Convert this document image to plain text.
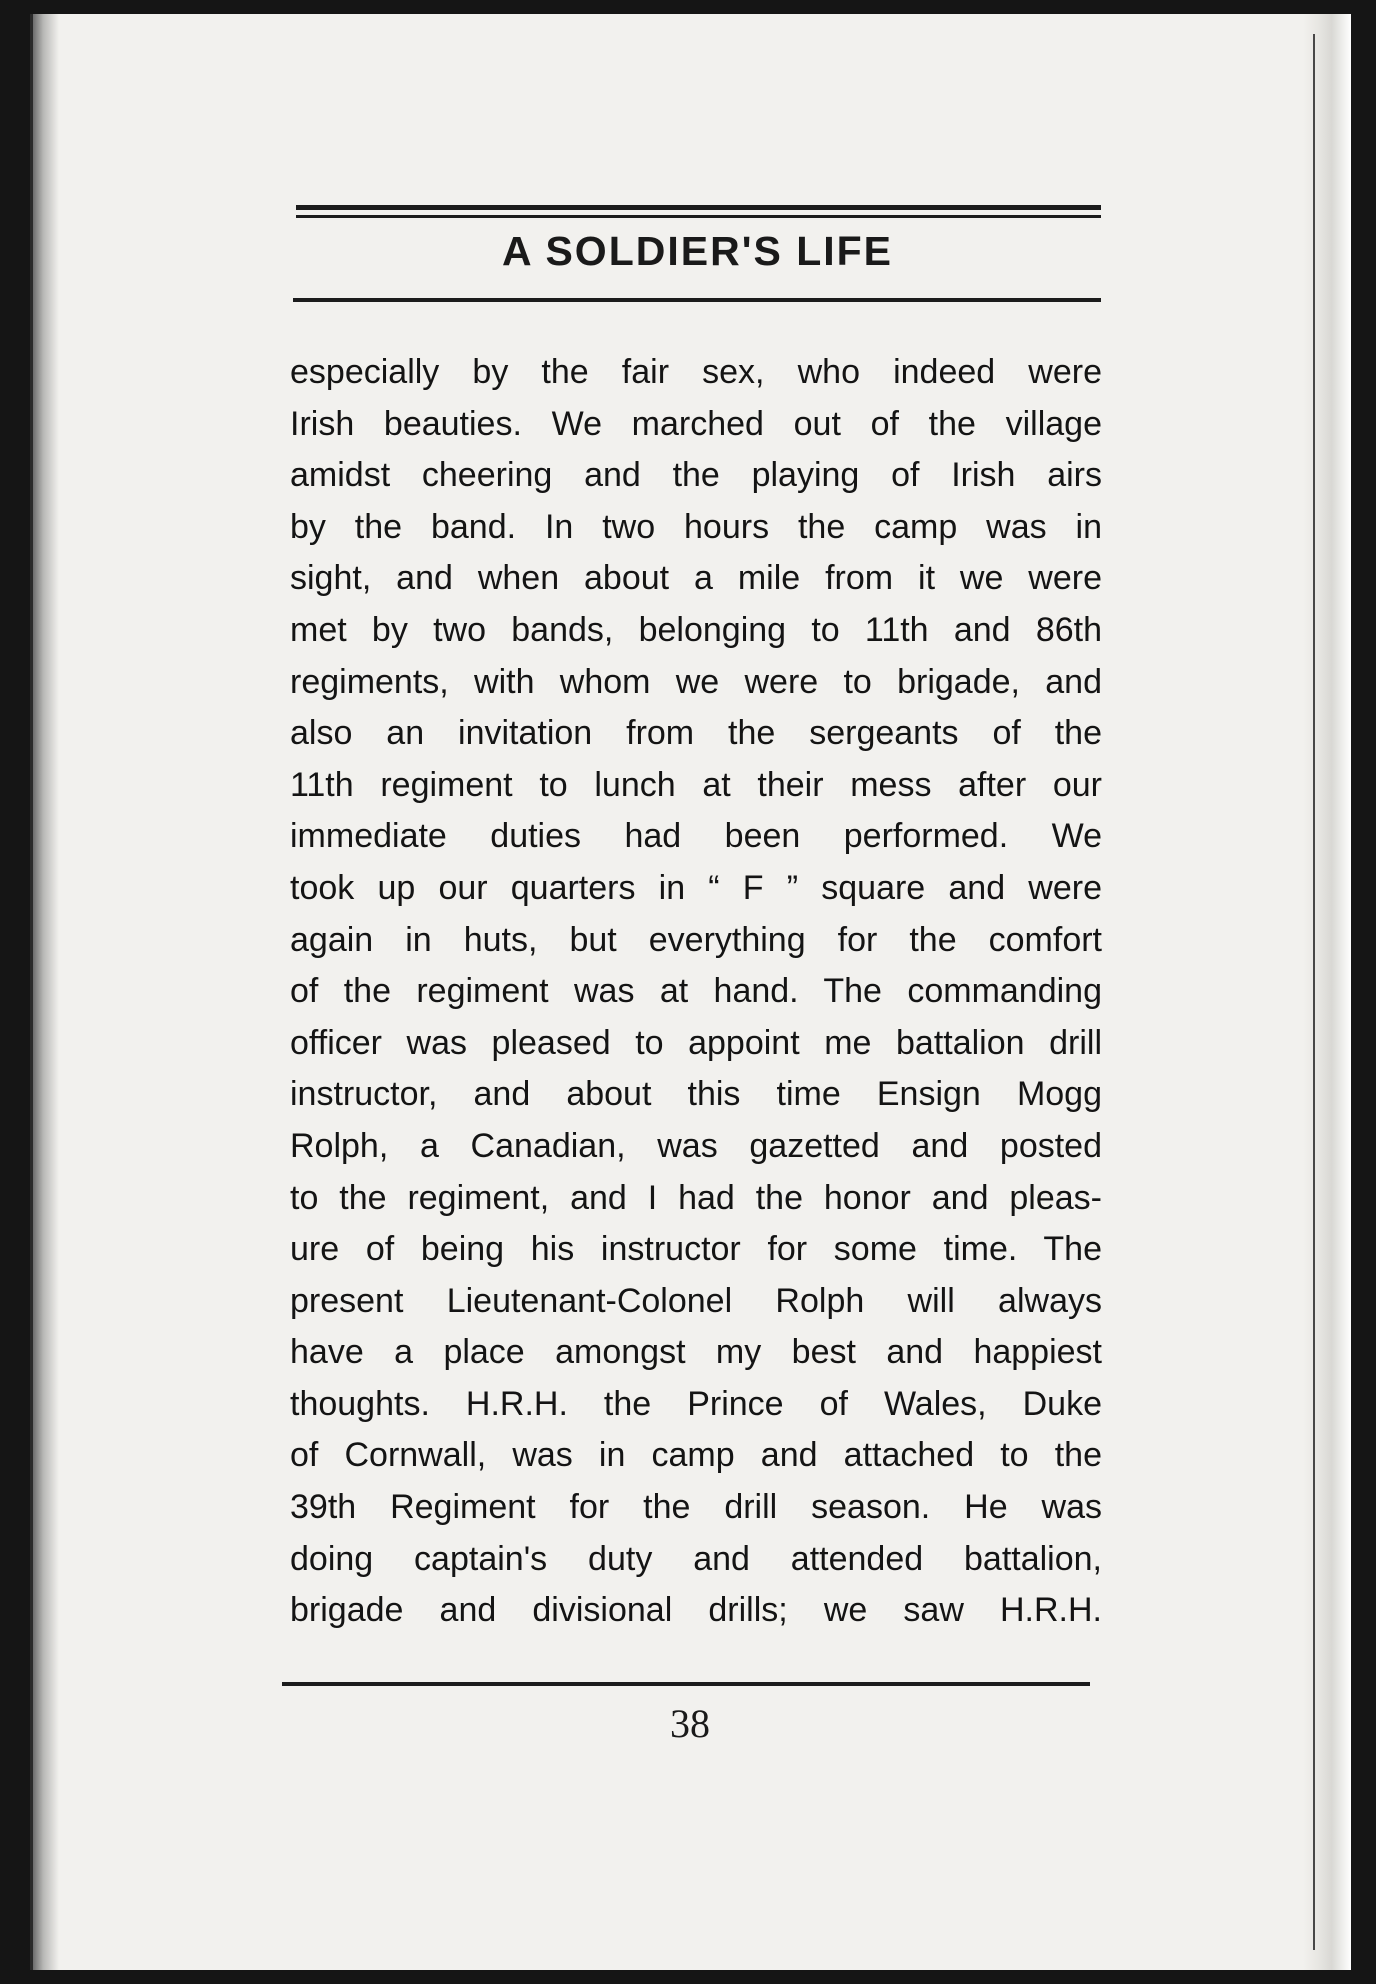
A SOLDIER'S LIFE
especially by the fair sex, who indeed were
Irish beauties. We marched out of the village
amidst cheering and the playing of Irish airs
by the band. In two hours the camp was in
sight, and when about a mile from it we were
met by two bands, belonging to 11th and 86th
regiments, with whom we were to brigade, and
also an invitation from the sergeants of the
11th regiment to lunch at their mess after our
immediate duties had been performed. We
took up our quarters in “ F ” square and were
again in huts, but everything for the comfort
of the regiment was at hand. The commanding
officer was pleased to appoint me battalion drill
instructor, and about this time Ensign Mogg
Rolph, a Canadian, was gazetted and posted
to the regiment, and I had the honor and pleas-
ure of being his instructor for some time. The
present Lieutenant-Colonel Rolph will always
have a place amongst my best and happiest
thoughts. H.R.H. the Prince of Wales, Duke
of Cornwall, was in camp and attached to the
39th Regiment for the drill season. He was
doing captain's duty and attended battalion,
brigade and divisional drills; we saw H.R.H.
38
